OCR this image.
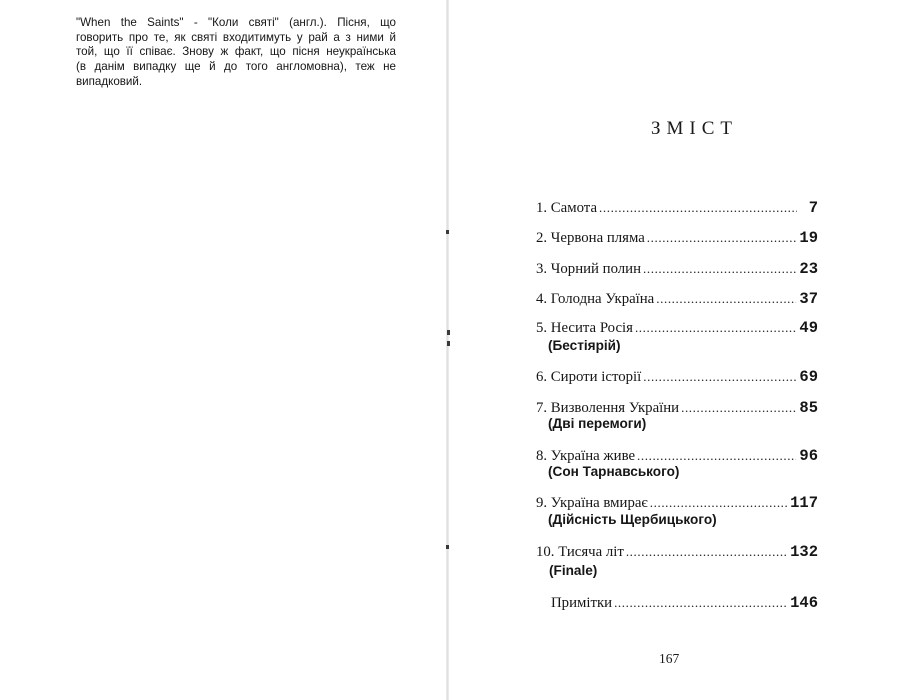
"When the Saints" - "Коли святі" (англ.). Пісня, що
говорить про те, як святі входитимуть у рай а з ними й
той, що її співає. Знову ж факт, що пісня неукраїнська
(в данім випадку ще й до того англомовна), теж не
випадковий.
ЗМІСТ
1. Самота .....	7
2. Червона пляма .....	19
3. Чорний полин .....	23
4. Голодна Україна .....	37
5. Несита Росія .....	49
(Бестіярій)
6. Сироти історії .....	69
7. Визволення України .....	85
(Дві перемоги)
8. Україна живе .....	96
(Сон Тарнавського)
9. Україна вмирає .....	117
(Дійсність Щербицького)
10. Тисяча літ .....	132
(Finale)
Примітки .....	146
167
